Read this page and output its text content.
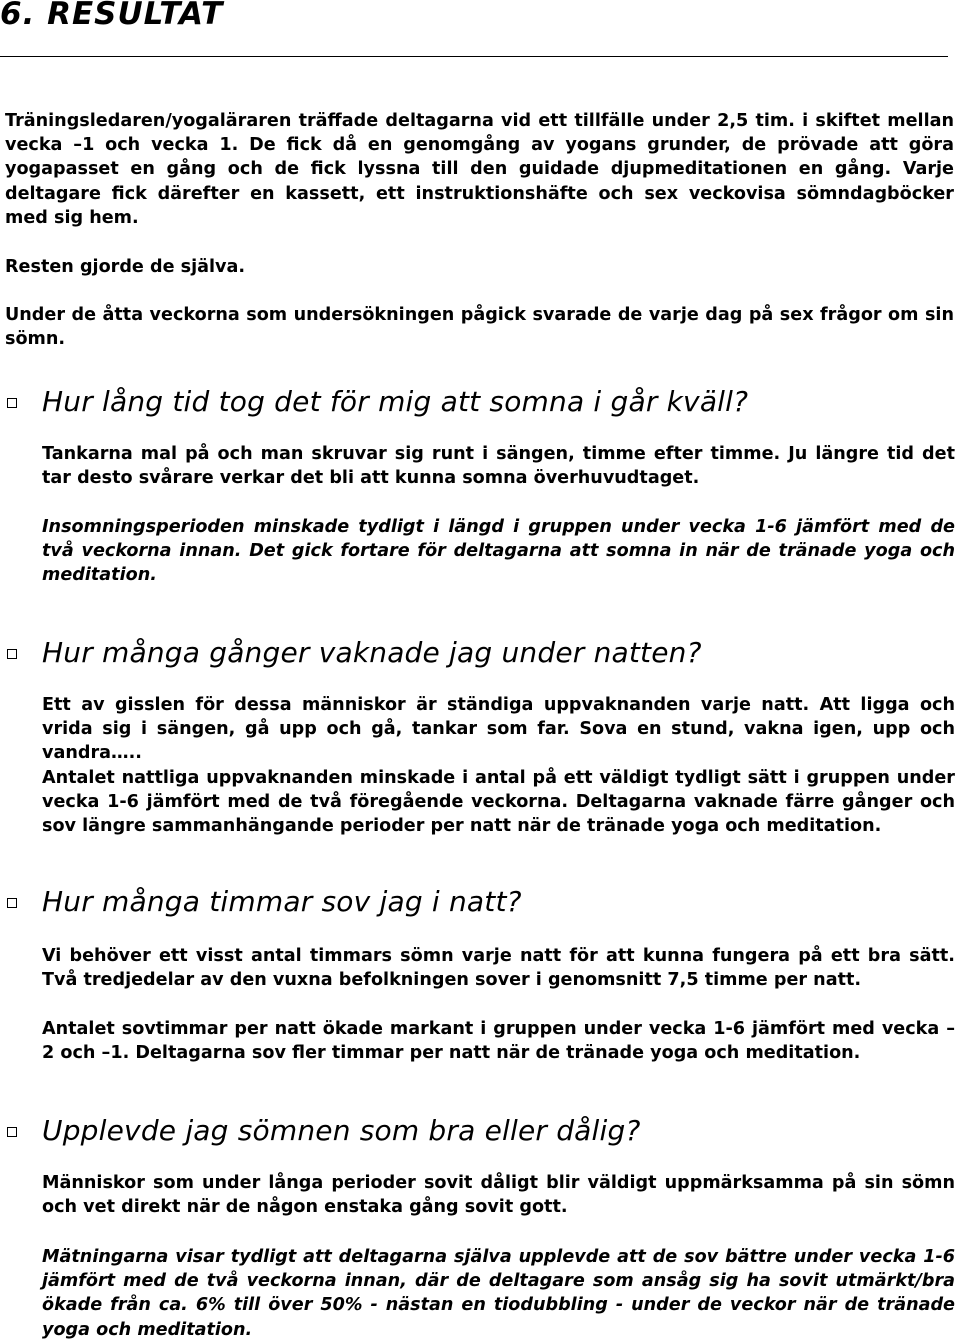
6. RESULTAT

Träningsledaren/yogaläraren träffade deltagarna vid ett tillfälle under 2,5 tim. i skiftet mellan vecka –1 och vecka 1. De fick då en genomgång av yogans grunder, de prövade att göra yogapasset en gång och de fick lyssna till den guidade djupmeditationen en gång. Varje deltagare fick därefter en kassett, ett instruktionshäfte och sex veckovisa sömndagböcker med sig hem.

Resten gjorde de själva.

Under de åtta veckorna som undersökningen pågick svarade de varje dag på sex frågor om sin sömn.

Hur lång tid tog det för mig att somna i går kväll?

Tankarna mal på och man skruvar sig runt i sängen, timme efter timme. Ju längre tid det tar desto svårare verkar det bli att kunna somna överhuvudtaget.

Insomningsperioden minskade tydligt i längd i gruppen under vecka 1-6 jämfört med de två veckorna innan. Det gick fortare för deltagarna att somna in när de tränade yoga och meditation.

Hur många gånger vaknade jag under natten?

Ett av gisslen för dessa människor är ständiga uppvaknanden varje natt. Att ligga och vrida sig i sängen, gå upp och gå, tankar som far. Sova en stund, vakna igen, upp och vandra…..

Antalet nattliga uppvaknanden minskade i antal på ett väldigt tydligt sätt i gruppen under vecka 1-6 jämfört med de två föregående veckorna. Deltagarna vaknade färre gånger och sov längre sammanhängande perioder per natt när de tränade yoga och meditation.

Hur många timmar sov jag i natt?

Vi behöver ett visst antal timmars sömn varje natt för att kunna fungera på ett bra sätt. Två tredjedelar av den vuxna befolkningen sover i genomsnitt 7,5 timme per natt.

Antalet sovtimmar per natt ökade markant i gruppen under vecka 1-6 jämfört med vecka –2 och –1. Deltagarna sov fler timmar per natt när de tränade yoga och meditation.

Upplevde jag sömnen som bra eller dålig?

Människor som under långa perioder sovit dåligt blir väldigt uppmärksamma på sin sömn och vet direkt när de någon enstaka gång sovit gott.

Mätningarna visar tydligt att deltagarna själva upplevde att de sov bättre under vecka 1-6 jämfört med de två veckorna innan, där de deltagare som ansåg sig ha sovit utmärkt/bra ökade från ca. 6% till över 50% - nästan en tiodubbling - under de veckor när de tränade yoga och meditation.
